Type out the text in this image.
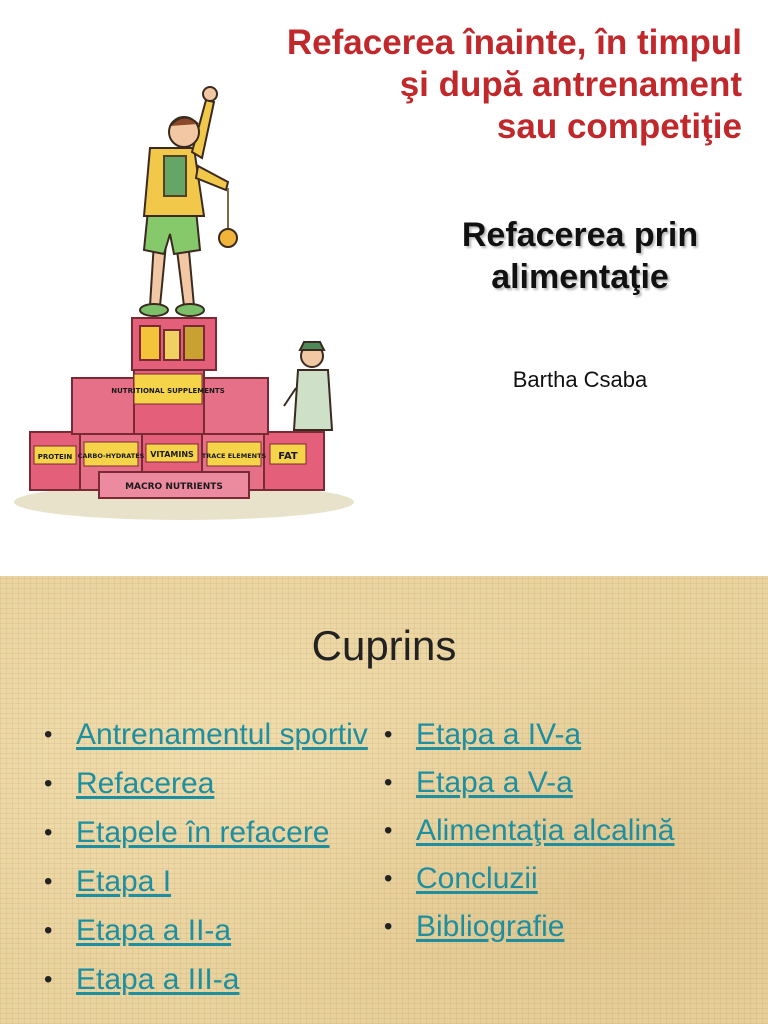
NUTRITIONAL SUPPLEMENTS
PROTEIN CARBO-HYDRATES VITAMINS TRACE ELEMENTS FAT
MACRO NUTRIENTS
Refacerea înainte, în timpul
şi după antrenament
sau competiţie
Refacerea prin
alimentaţie
Bartha Csaba
Cuprins
• Antrenamentul sportiv
• Refacerea
• Etapele în refacere
• Etapa I
• Etapa a II-a
• Etapa a III-a
• Etapa a IV-a
• Etapa a V-a
• Alimentaţia alcalină
• Concluzii
• Bibliografie
